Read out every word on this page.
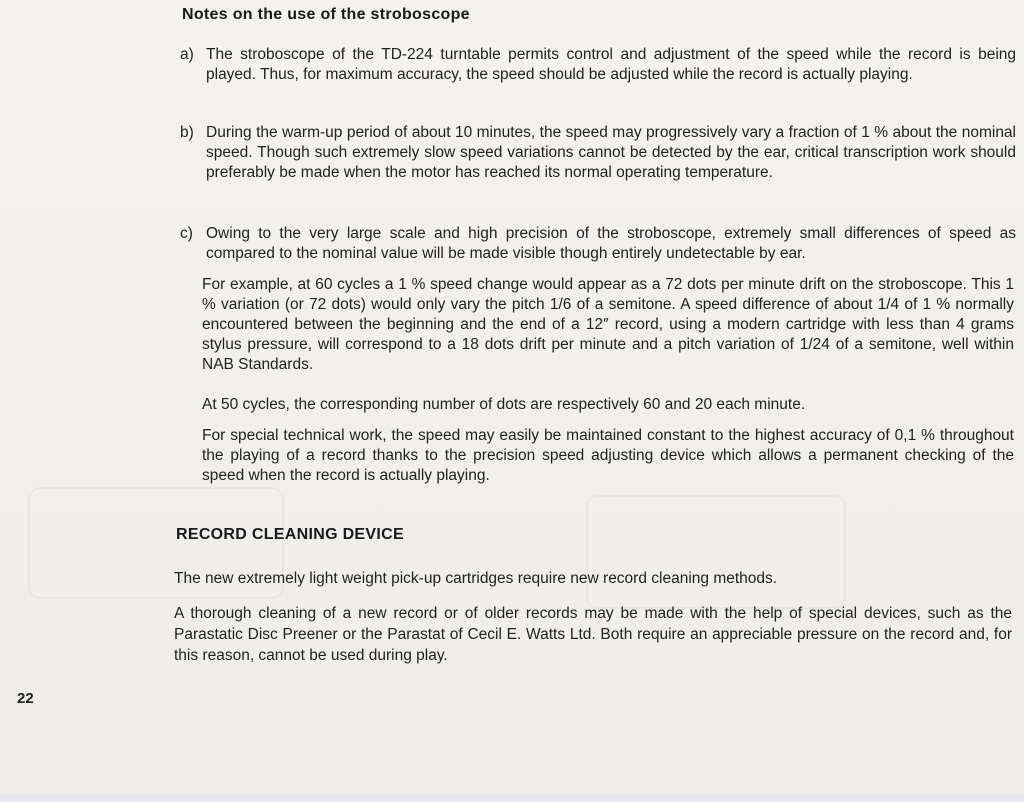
Notes on the use of the stroboscope
a) The stroboscope of the TD-224 turntable permits control and adjustment of the speed while the record is being played. Thus, for maximum accuracy, the speed should be adjusted while the record is actually playing.
b) During the warm-up period of about 10 minutes, the speed may progressively vary a fraction of 1 % about the nominal speed. Though such extremely slow speed variations cannot be detected by the ear, critical transcription work should preferably be made when the motor has reached its normal operating temperature.
c) Owing to the very large scale and high precision of the stroboscope, extremely small differences of speed as compared to the nominal value will be made visible though entirely undetectable by ear.
For example, at 60 cycles a 1 % speed change would appear as a 72 dots per minute drift on the stroboscope. This 1 % variation (or 72 dots) would only vary the pitch 1/6 of a semitone. A speed difference of about 1/4 of 1 % normally encountered between the beginning and the end of a 12″ record, using a modern cartridge with less than 4 grams stylus pressure, will correspond to a 18 dots drift per minute and a pitch variation of 1/24 of a semitone, well within NAB Standards.
At 50 cycles, the corresponding number of dots are respectively 60 and 20 each minute.
For special technical work, the speed may easily be maintained constant to the highest accuracy of 0,1 % throughout the playing of a record thanks to the precision speed adjusting device which allows a permanent checking of the speed when the record is actually playing.
RECORD CLEANING DEVICE
The new extremely light weight pick-up cartridges require new record cleaning methods.
A thorough cleaning of a new record or of older records may be made with the help of special devices, such as the Parastatic Disc Preener or the Parastat of Cecil E. Watts Ltd. Both require an appreciable pressure on the record and, for this reason, cannot be used during play.
22
